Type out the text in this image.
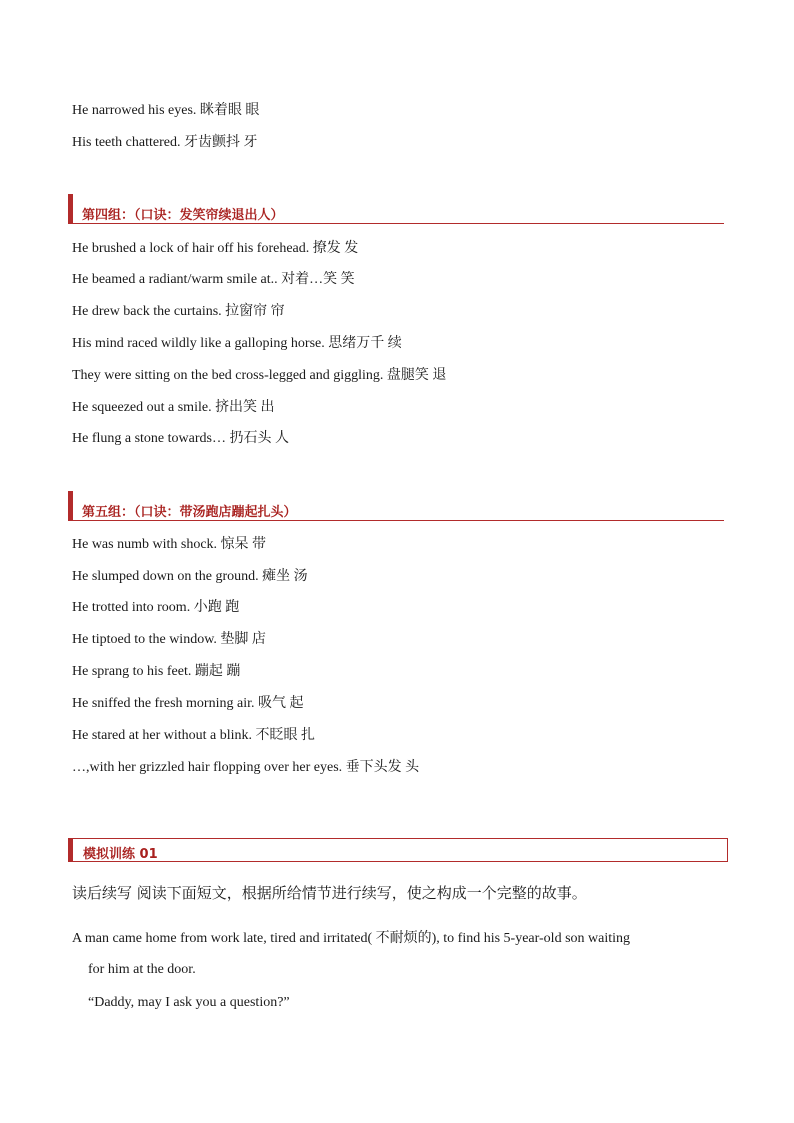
He narrowed his eyes. 眯着眼 眼
His teeth chattered. 牙齿颤抖 牙
第四组：（口诀：发笑帘续退出人）
He brushed a lock of hair off his forehead. 撩发 发
He beamed a radiant/warm smile at.. 对着…笑 笑
He drew back the curtains. 拉窗帘 帘
His mind raced wildly like a galloping horse. 思绪万千 续
They were sitting on the bed cross-legged and giggling. 盘腿笑 退
He squeezed out a smile. 挤出笑 出
He flung a stone towards… 扔石头 人
第五组：（口诀：带汤跑店蹦起扎头）
He was numb with shock. 惊呆 带
He slumped down on the ground. 瘫坐 汤
He trotted into room. 小跑 跑
He tiptoed to the window. 垫脚 店
He sprang to his feet. 蹦起 蹦
He sniffed the fresh morning air. 吸气 起
He stared at her without a blink. 不眨眼 扎
…,with her grizzled hair flopping over her eyes. 垂下头发 头
模拟训练 01
读后续写 阅读下面短文，根据所给情节进行续写，使之构成一个完整的故事。
A man came home from work late, tired and irritated( 不耐烦的), to find his 5-year-old son waiting
for him at the door.
“Daddy, may I ask you a question?”
